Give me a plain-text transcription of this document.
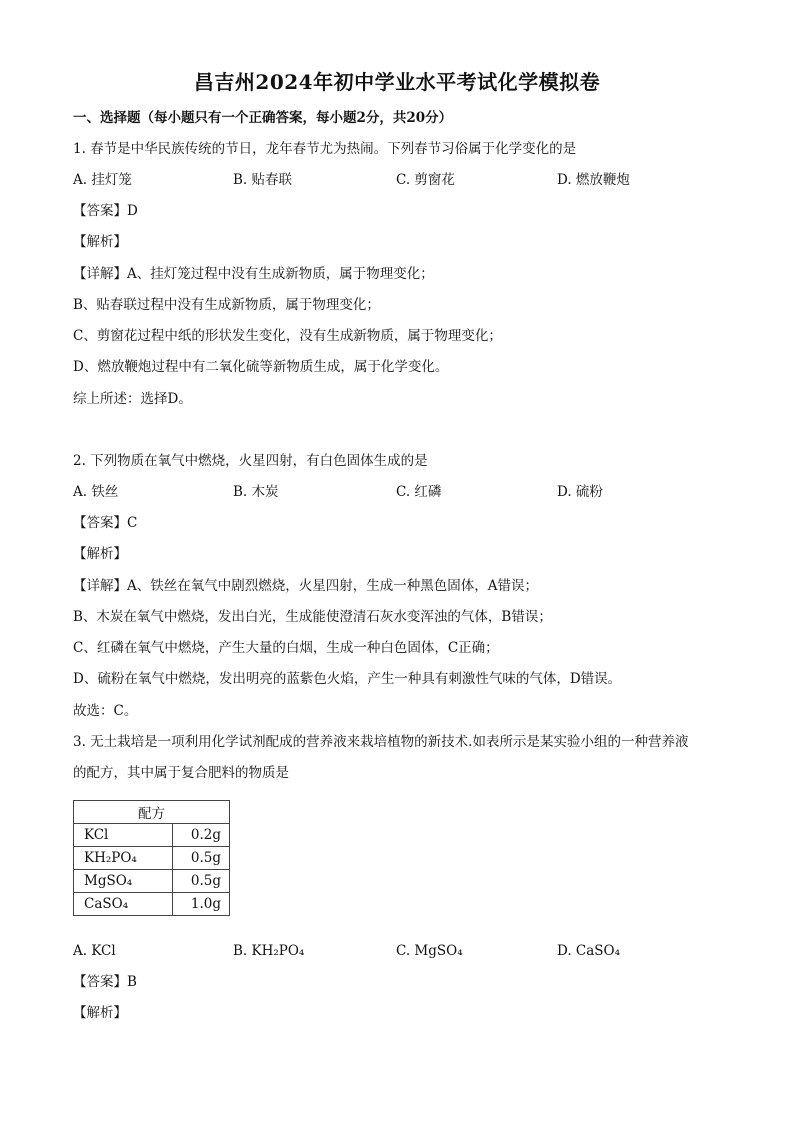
昌吉州2024年初中学业水平考试化学模拟卷
一、选择题（每小题只有一个正确答案，每小题2分，共20分）
1. 春节是中华民族传统的节日，龙年春节尤为热闹。下列春节习俗属于化学变化的是
A. 挂灯笼	B. 贴春联	C. 剪窗花	D. 燃放鞭炮
【答案】D
【解析】
【详解】A、挂灯笼过程中没有生成新物质，属于物理变化；
B、贴春联过程中没有生成新物质，属于物理变化；
C、剪窗花过程中纸的形状发生变化，没有生成新物质，属于物理变化；
D、燃放鞭炮过程中有二氧化硫等新物质生成，属于化学变化。
综上所述：选择D。
2. 下列物质在氧气中燃烧，火星四射，有白色固体生成的是
A. 铁丝	B. 木炭	C. 红磷	D. 硫粉
【答案】C
【解析】
【详解】A、铁丝在氧气中剧烈燃烧，火星四射，生成一种黑色固体，A错误；
B、木炭在氧气中燃烧，发出白光，生成能使澄清石灰水变浑浊的气体，B错误；
C、红磷在氧气中燃烧，产生大量的白烟，生成一种白色固体，C正确；
D、硫粉在氧气中燃烧，发出明亮的蓝紫色火焰，产生一种具有刺激性气味的气体，D错误。
故选：C。
3. 无土栽培是一项利用化学试剂配成的营养液来栽培植物的新技术.如表所示是某实验小组的一种营养液
的配方，其中属于复合肥料的物质是
配方	
KCl	0.2g
KH₂PO₄	0.5g
MgSO₄	0.5g
CaSO₄	1.0g
A. KCl	B. KH₂PO₄	C. MgSO₄	D. CaSO₄
【答案】B
【解析】
